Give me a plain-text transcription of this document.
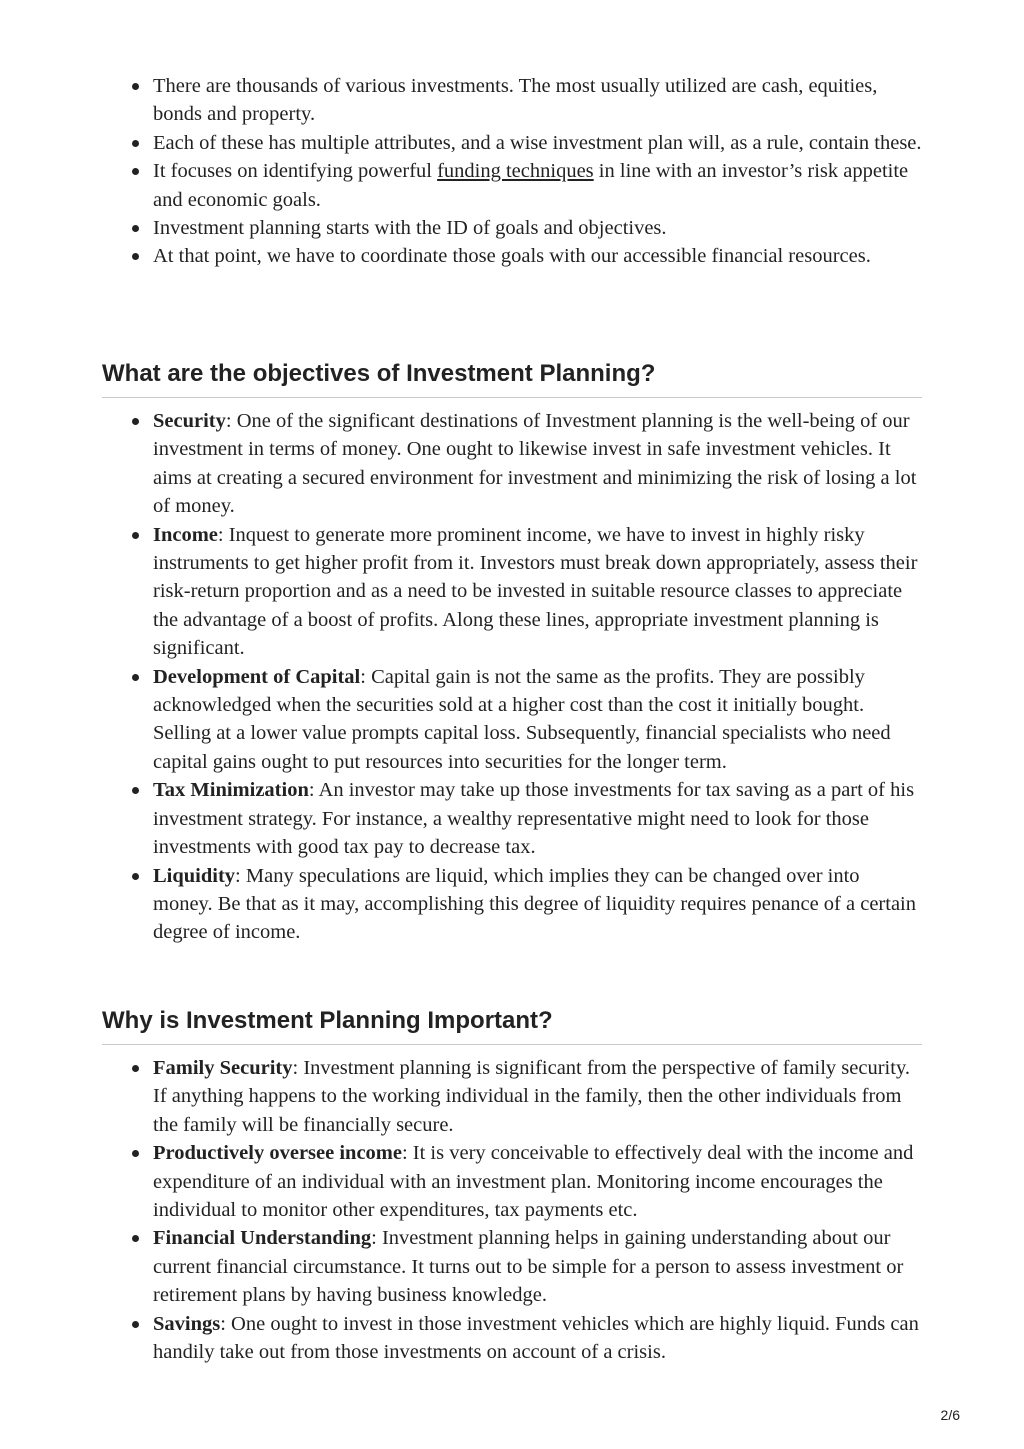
There are thousands of various investments. The most usually utilized are cash, equities, bonds and property.
Each of these has multiple attributes, and a wise investment plan will, as a rule, contain these.
It focuses on identifying powerful funding techniques in line with an investor’s risk appetite and economic goals.
Investment planning starts with the ID of goals and objectives.
At that point, we have to coordinate those goals with our accessible financial resources.
What are the objectives of Investment Planning?
Security: One of the significant destinations of Investment planning is the well-being of our investment in terms of money. One ought to likewise invest in safe investment vehicles. It aims at creating a secured environment for investment and minimizing the risk of losing a lot of money.
Income: Inquest to generate more prominent income, we have to invest in highly risky instruments to get higher profit from it. Investors must break down appropriately, assess their risk-return proportion and as a need to be invested in suitable resource classes to appreciate the advantage of a boost of profits. Along these lines, appropriate investment planning is significant.
Development of Capital: Capital gain is not the same as the profits. They are possibly acknowledged when the securities sold at a higher cost than the cost it initially bought. Selling at a lower value prompts capital loss. Subsequently, financial specialists who need capital gains ought to put resources into securities for the longer term.
Tax Minimization: An investor may take up those investments for tax saving as a part of his investment strategy. For instance, a wealthy representative might need to look for those investments with good tax pay to decrease tax.
Liquidity: Many speculations are liquid, which implies they can be changed over into money. Be that as it may, accomplishing this degree of liquidity requires penance of a certain degree of income.
Why is Investment Planning Important?
Family Security: Investment planning is significant from the perspective of family security. If anything happens to the working individual in the family, then the other individuals from the family will be financially secure.
Productively oversee income: It is very conceivable to effectively deal with the income and expenditure of an individual with an investment plan. Monitoring income encourages the individual to monitor other expenditures, tax payments etc.
Financial Understanding: Investment planning helps in gaining understanding about our current financial circumstance. It turns out to be simple for a person to assess investment or retirement plans by having business knowledge.
Savings: One ought to invest in those investment vehicles which are highly liquid. Funds can handily take out from those investments on account of a crisis.
2/6
